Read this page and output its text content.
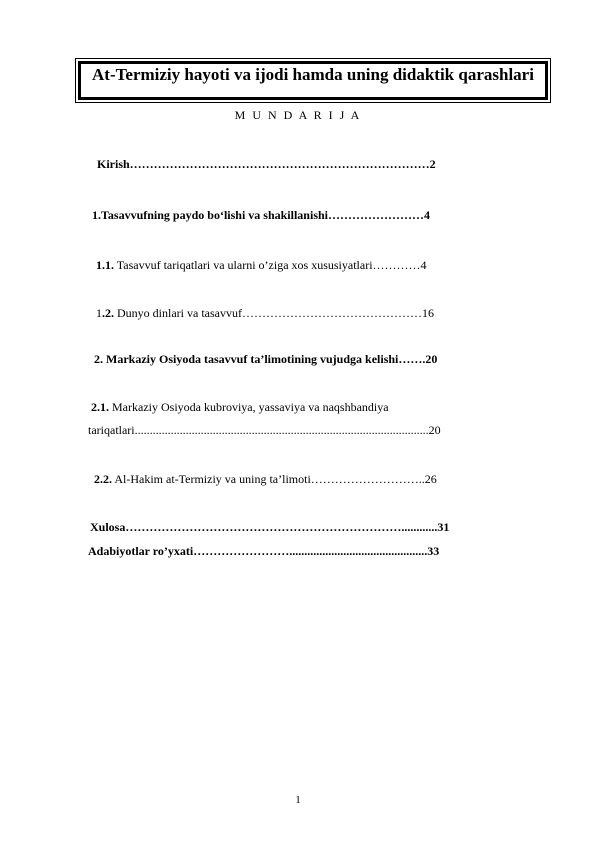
At-Termiziy hayoti va ijodi hamda uning didaktik qarashlari
M U N D A R I J A
Kirish…………………………………………………………………2
1.Tasavvufning paydo bo‘lishi va shakillanishi……………………4
1.1. Tasavvuf tariqatlari va ularni o’ziga xos xususiyatlari…………4
1.2. Dunyo dinlari va tasavvuf………………………………………16
2. Markaziy Osiyoda tasavvuf ta’limotining vujudga kelishi…….20
2.1. Markaziy Osiyoda kubroviya, yassaviya va naqshbandiya
tariqatlari..................................................................................................20
2.2. Al-Hakim at-Termiziy va uning ta’limoti………………………..26
Xulosa……………………………………………………………............31
Adabiyotlar ro’yxati……………………..............................................33
1
